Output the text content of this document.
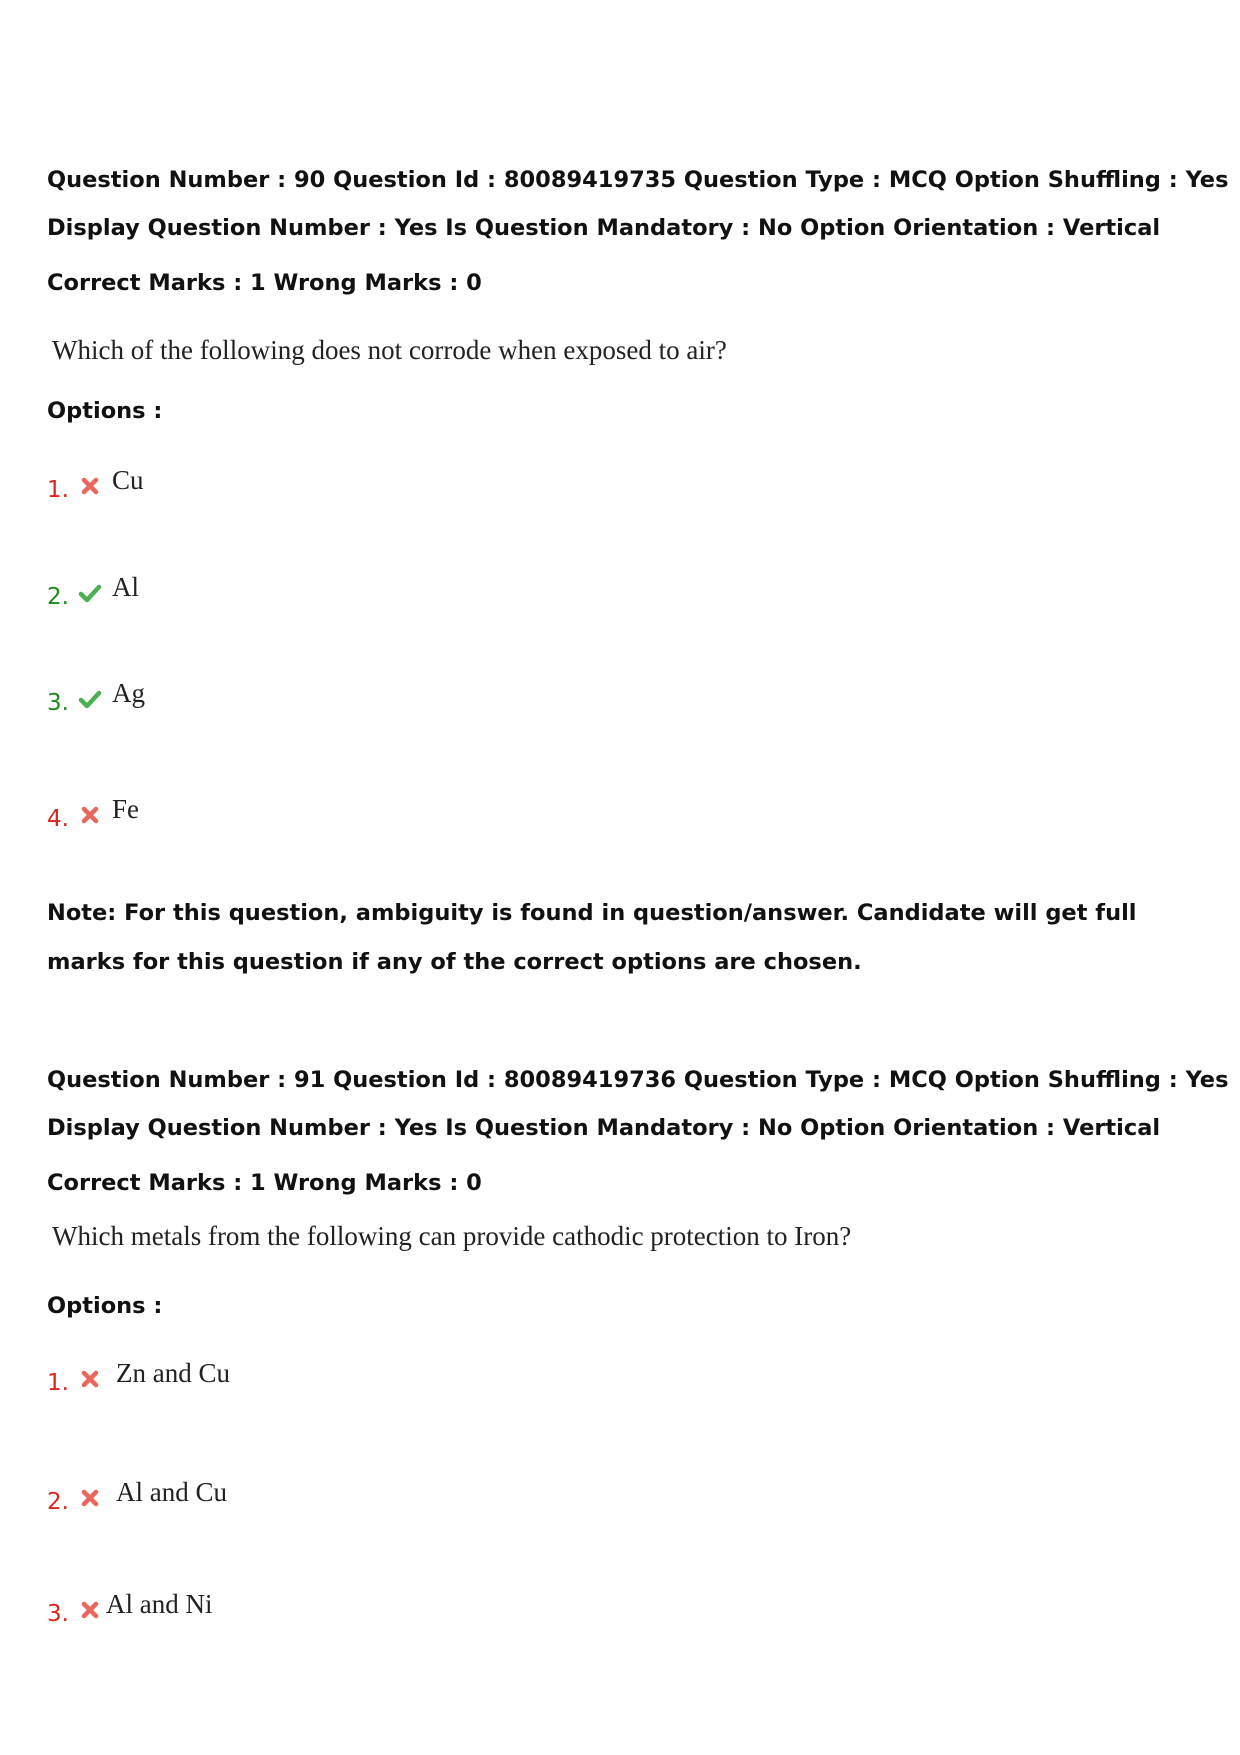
Question Number : 90 Question Id : 80089419735 Question Type : MCQ Option Shuffling : Yes
Display Question Number : Yes Is Question Mandatory : No Option Orientation : Vertical
Correct Marks : 1 Wrong Marks : 0
Which of the following does not corrode when exposed to air?
Options :
1. Cu
2. Al
3. Ag
4. Fe
Note: For this question, ambiguity is found in question/answer. Candidate will get full marks for this question if any of the correct options are chosen.
Question Number : 91 Question Id : 80089419736 Question Type : MCQ Option Shuffling : Yes
Display Question Number : Yes Is Question Mandatory : No Option Orientation : Vertical
Correct Marks : 1 Wrong Marks : 0
Which metals from the following can provide cathodic protection to Iron?
Options :
1. Zn and Cu
2. Al and Cu
3. Al and Ni
